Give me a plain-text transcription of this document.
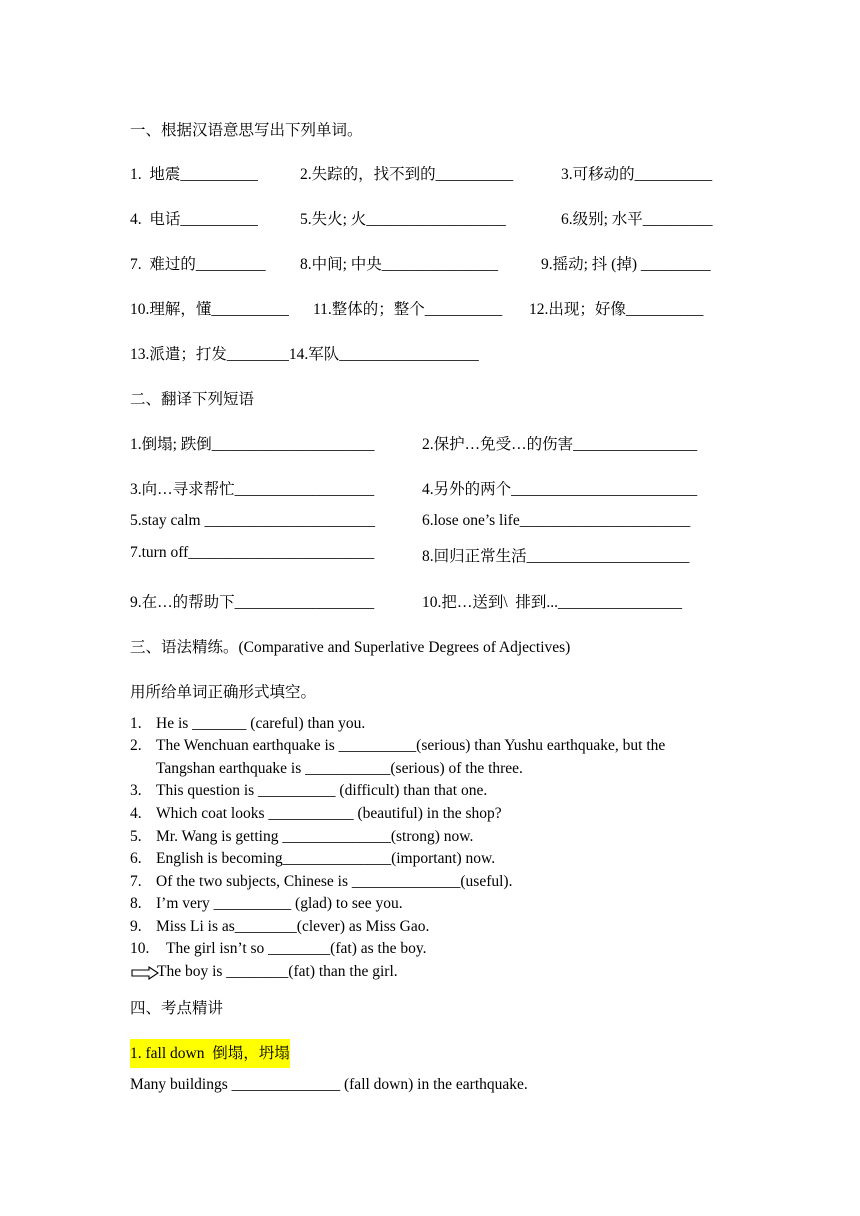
一、根据汉语意思写出下列单词。
1.  地震__________	2.失踪的，找不到的__________	3.可移动的__________
4.  电话__________	5.失火; 火__________________	6.级别; 水平_________
7.  难过的_________ 8.中间; 中央_______________	9.摇动; 抖 (掉) _________
10.理解，懂__________ 11.整体的；整个__________ 12.出现；好像__________
13.派遣；打发________14.军队__________________
二、翻译下列短语
1.倒塌; 跌倒_____________________	2.保护…免受…的伤害________________
3.向…寻求帮忙__________________	4.另外的两个________________________
5.stay calm ______________________	6.lose one’s life______________________
7.turn off________________________	8.回归正常生活_____________________
9.在…的帮助下__________________	10.把…送到\  排到...________________
三、语法精练。(Comparative and Superlative Degrees of Adjectives)
用所给单词正确形式填空。
1. He is _______ (careful) than you.
2. The Wenchuan earthquake is __________(serious) than Yushu earthquake, but the
Tangshan earthquake is ___________(serious) of the three.
3. This question is __________ (difficult) than that one.
4. Which coat looks ___________ (beautiful) in the shop?
5. Mr. Wang is getting ______________(strong) now.
6. English is becoming______________(important) now.
7. Of the two subjects, Chinese is ______________(useful).
8. I’m very __________ (glad) to see you.
9. Miss Li is as________(clever) as Miss Gao.
10. The girl isn’t so ________(fat) as the boy.
The boy is ________(fat) than the girl.
四、考点精讲
1. fall down  倒塌，坍塌
Many buildings ______________ (fall down) in the earthquake.
